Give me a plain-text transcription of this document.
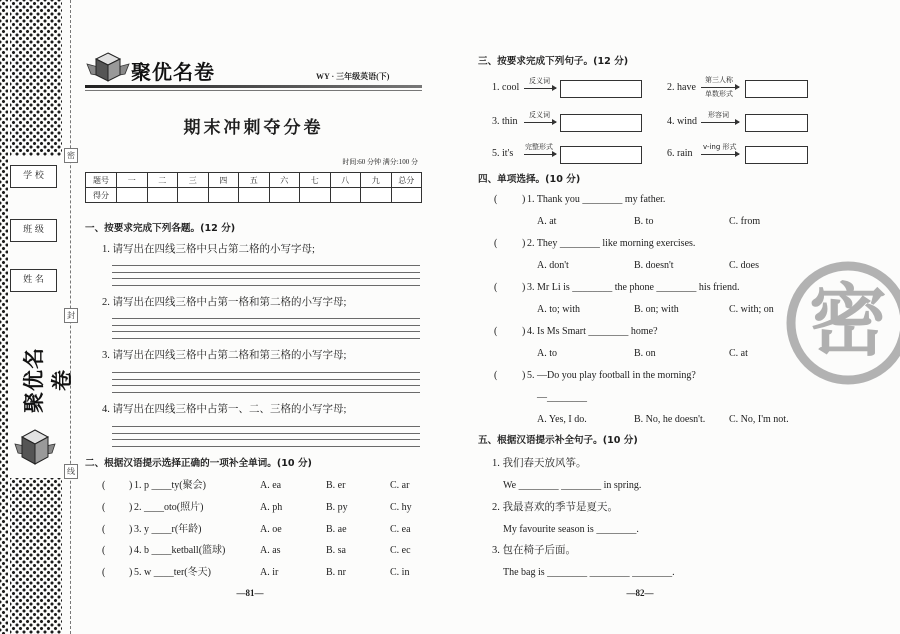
密
封
线
学 校
班 级
姓 名
聚优名卷
聚优名卷	WY · 三年级英语(下)
期末冲刺夺分卷
时间:60 分钟 满分:100 分
题号	一	二	三	四	五	六	七	八	九	总分
得分										
一、按要求完成下列各题。(12 分)
1. 请写出在四线三格中只占第二格的小写字母;
2. 请写出在四线三格中占第一格和第二格的小写字母;
3. 请写出在四线三格中占第二格和第三格的小写字母;
4. 请写出在四线三格中占第一、二、三格的小写字母;
二、根据汉语提示选择正确的一项补全单词。(10 分)
( ) 1. p ____ty(聚会)	A. ea	B. er	C. ar
( ) 2. ____oto(照片)	A. ph	B. py	C. hy
( ) 3. y ____r(年龄)	A. oe	B. ae	C. ea
( ) 4. b ____ketball(篮球)	A. as	B. sa	C. ec
( ) 5. w ____ter(冬天)	A. ir	B. nr	C. in
—81—
三、按要求完成下列句子。(12 分)
1. cool
反义词
2. have
第三人称
单数形式
3. thin
反义词
4. wind
形容词
5. it's
完整形式
6. rain
v-ing 形式
四、单项选择。(10 分)
( ) 1. Thank you ________ my father.
A. at	B. to	C. from
( ) 2. They ________ like morning exercises.
A. don't	B. doesn't	C. does
( ) 3. Mr Li is ________ the phone ________ his friend.
A. to; with	B. on; with	C. with; on
( ) 4. Is Ms Smart ________ home?
A. to	B. on	C. at
( ) 5. —Do you play football in the morning?
—________
A. Yes, I do.	B. No, he doesn't. C. No, I'm not.
五、根据汉语提示补全句子。(10 分)
1. 我们春天放风筝。
We ________ ________ in spring.
2. 我最喜欢的季节是夏天。
My favourite season is ________.
3. 包在椅子后面。
The bag is ________ ________ ________.
—82—
密
